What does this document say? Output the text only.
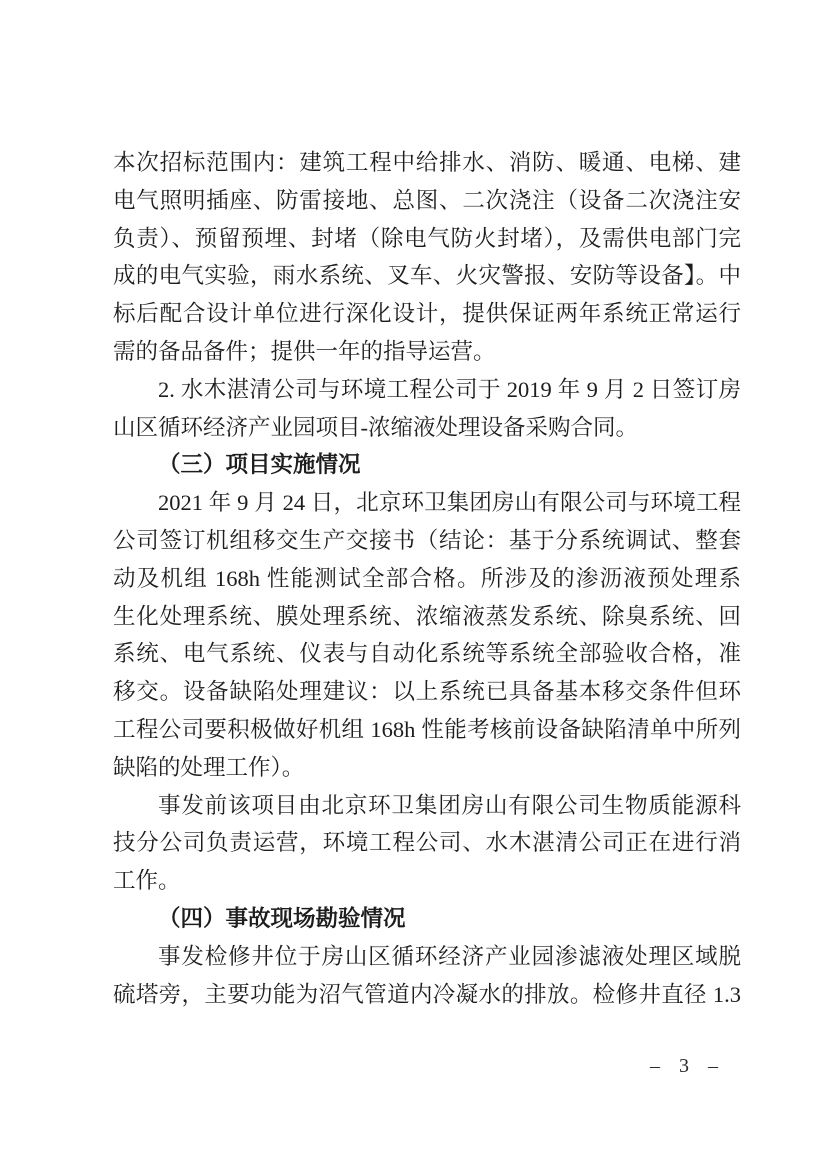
本次招标范围内：建筑工程中给排水、消防、暖通、电梯、建
电气照明插座、防雷接地、总图、二次浇注（设备二次浇注安
负责）、预留预埋、封堵（除电气防火封堵），及需供电部门完
成的电气实验，雨水系统、叉车、火灾警报、安防等设备】。中
标后配合设计单位进行深化设计，提供保证两年系统正常运行
需的备品备件；提供一年的指导运营。
2. 水木湛清公司与环境工程公司于 2019 年 9 月 2 日签订房
山区循环经济产业园项目-浓缩液处理设备采购合同。
（三）项目实施情况
2021 年 9 月 24 日，北京环卫集团房山有限公司与环境工程
公司签订机组移交生产交接书（结论：基于分系统调试、整套
动及机组 168h 性能测试全部合格。所涉及的渗沥液预处理系
生化处理系统、膜处理系统、浓缩液蒸发系统、除臭系统、回
系统、电气系统、仪表与自动化系统等系统全部验收合格，准
移交。设备缺陷处理建议：以上系统已具备基本移交条件但环
工程公司要积极做好机组 168h 性能考核前设备缺陷清单中所列
缺陷的处理工作）。
事发前该项目由北京环卫集团房山有限公司生物质能源科
技分公司负责运营，环境工程公司、水木湛清公司正在进行消
工作。
（四）事故现场勘验情况
事发检修井位于房山区循环经济产业园渗滤液处理区域脱
硫塔旁，主要功能为沼气管道内冷凝水的排放。检修井直径 1.3
– 3 –
